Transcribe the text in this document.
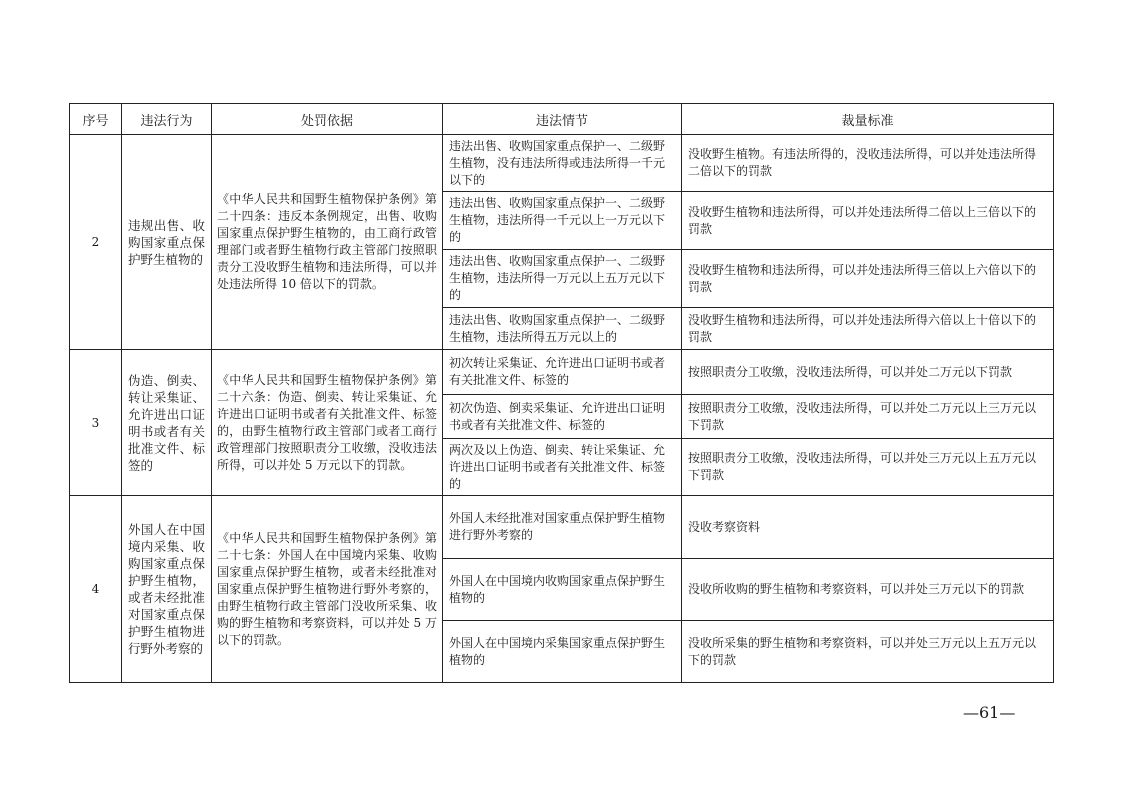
序号	违法行为	处罚依据	违法情节	裁量标准
2	违规出售、收购国家重点保护野生植物的	《中华人民共和国野生植物保护条例》第二十四条：违反本条例规定，出售、收购国家重点保护野生植物的，由工商行政管理部门或者野生植物行政主管部门按照职责分工没收野生植物和违法所得，可以并处违法所得 10 倍以下的罚款。	违法出售、收购国家重点保护一、二级野生植物，没有违法所得或违法所得一千元以下的	没收野生植物。有违法所得的，没收违法所得，可以并处违法所得二倍以下的罚款
			违法出售、收购国家重点保护一、二级野生植物，违法所得一千元以上一万元以下的	没收野生植物和违法所得，可以并处违法所得二倍以上三倍以下的罚款
			违法出售、收购国家重点保护一、二级野生植物，违法所得一万元以上五万元以下的	没收野生植物和违法所得，可以并处违法所得三倍以上六倍以下的罚款
			违法出售、收购国家重点保护一、二级野生植物，违法所得五万元以上的	没收野生植物和违法所得，可以并处违法所得六倍以上十倍以下的罚款
3	伪造、倒卖、转让采集证、允许进出口证明书或者有关批准文件、标签的	《中华人民共和国野生植物保护条例》第二十六条：伪造、倒卖、转让采集证、允许进出口证明书或者有关批准文件、标签的，由野生植物行政主管部门或者工商行政管理部门按照职责分工收缴，没收违法所得，可以并处 5 万元以下的罚款。	初次转让采集证、允许进出口证明书或者有关批准文件、标签的	按照职责分工收缴，没收违法所得，可以并处二万元以下罚款
			初次伪造、倒卖采集证、允许进出口证明书或者有关批准文件、标签的	按照职责分工收缴，没收违法所得，可以并处二万元以上三万元以下罚款
			两次及以上伪造、倒卖、转让采集证、允许进出口证明书或者有关批准文件、标签的	按照职责分工收缴，没收违法所得，可以并处三万元以上五万元以下罚款
4	外国人在中国境内采集、收购国家重点保护野生植物，或者未经批准对国家重点保护野生植物进行野外考察的	《中华人民共和国野生植物保护条例》第二十七条：外国人在中国境内采集、收购国家重点保护野生植物，或者未经批准对国家重点保护野生植物进行野外考察的，由野生植物行政主管部门没收所采集、收购的野生植物和考察资料，可以并处 5 万以下的罚款。	外国人未经批准对国家重点保护野生植物进行野外考察的	没收考察资料
			外国人在中国境内收购国家重点保护野生植物的	没收所收购的野生植物和考察资料，可以并处三万元以下的罚款
			外国人在中国境内采集国家重点保护野生植物的	没收所采集的野生植物和考察资料，可以并处三万元以上五万元以下的罚款
—61—
